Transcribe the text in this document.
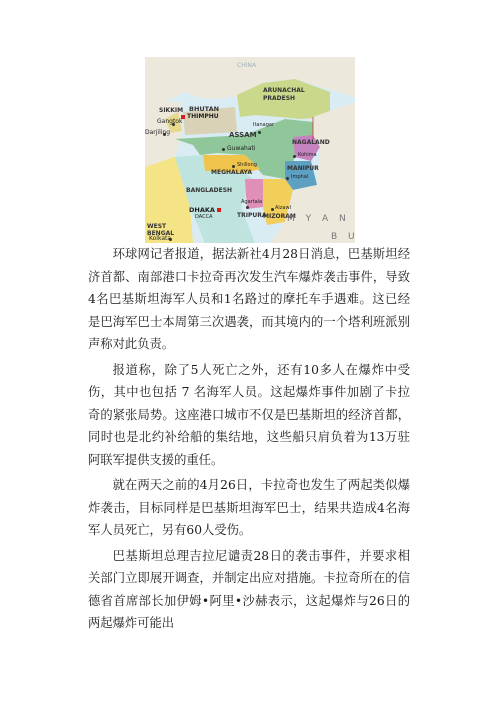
CHINA
SIKKIM BHUTAN
THIMPHU
Gangtok
Darjiling
ARUNACHAL PRADESH
Itanagar
ASSAM
Guwahati
NAGALAND
Kohima
Shillong
MEGHALAYA
MANIPUR
Imphal
BANGLADESH
Agartala
TRIPURA
Aizawl
MIZORAM
DHAKA
DACCA
WEST BENGAL
Kolkata
M Y A N
B U

环球网记者报道，据法新社4月28日消息，巴基斯坦经济首都、南部港口卡拉奇再次发生汽车爆炸袭击事件，导致4名巴基斯坦海军人员和1名路过的摩托车手遇难。这已经是巴海军巴士本周第三次遇袭，而其境内的一个塔利班派别声称对此负责。

报道称，除了5人死亡之外，还有10多人在爆炸中受伤，其中也包括 7 名海军人员。这起爆炸事件加剧了卡拉奇的紧张局势。这座港口城市不仅是巴基斯坦的经济首都，同时也是北约补给船的集结地，这些船只肩负着为13万驻阿联军提供支援的重任。

就在两天之前的4月26日，卡拉奇也发生了两起类似爆炸袭击，目标同样是巴基斯坦海军巴士，结果共造成4名海军人员死亡，另有60人受伤。

巴基斯坦总理吉拉尼谴责28日的袭击事件，并要求相关部门立即展开调查，并制定出应对措施。卡拉奇所在的信德省首席部长加伊姆•阿里•沙赫表示，这起爆炸与26日的两起爆炸可能出
